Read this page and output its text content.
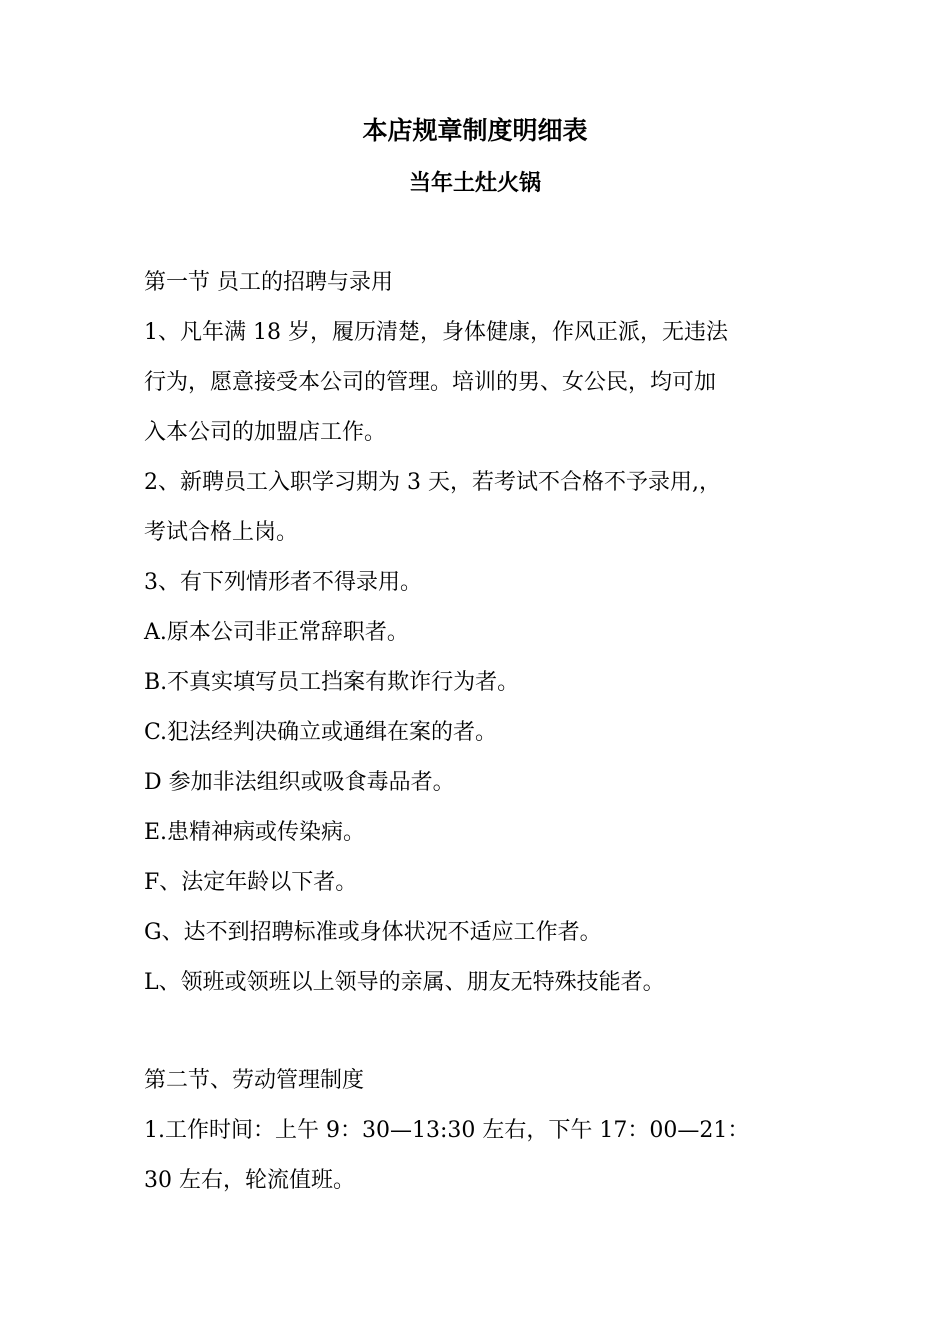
本店规章制度明细表
当年土灶火锅

第一节 员工的招聘与录用

1、凡年满 18 岁，履历清楚，身体健康，作风正派，无违法

行为，愿意接受本公司的管理。培训的男、女公民，均可加

入本公司的加盟店工作。

2、新聘员工入职学习期为 3 天，若考试不合格不予录用,，

考试合格上岗。

3、有下列情形者不得录用。

A.原本公司非正常辞职者。

B.不真实填写员工挡案有欺诈行为者。

C.犯法经判决确立或通缉在案的者。

D 参加非法组织或吸食毒品者。

E.患精神病或传染病。

F、法定年龄以下者。

G、达不到招聘标准或身体状况不适应工作者。

L、领班或领班以上领导的亲属、朋友无特殊技能者。

第二节、劳动管理制度

1.工作时间：上午 9：30—13:30 左右，下午 17：00—21：

30 左右，轮流值班。
